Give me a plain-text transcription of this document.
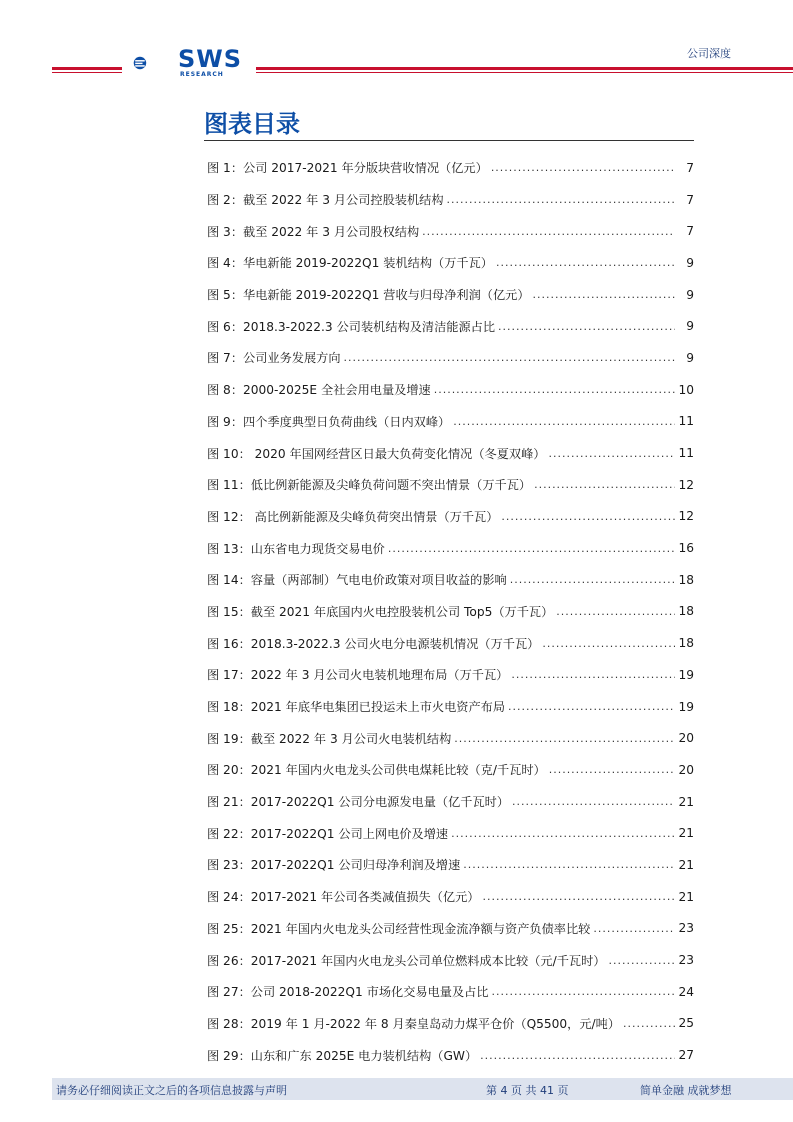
SWS
RESEARCH
公司深度
图表目录
图 1：公司 2017-2021 年分版块营收情况（亿元） .....	7
图 2：截至 2022 年 3 月公司控股装机结构 .....	7
图 3：截至 2022 年 3 月公司股权结构 .....	7
图 4：华电新能 2019-2022Q1 装机结构（万千瓦） .....	9
图 5：华电新能 2019-2022Q1 营收与归母净利润（亿元） .....	9
图 6：2018.3-2022.3 公司装机结构及清洁能源占比 .....	9
图 7：公司业务发展方向 .....	9
图 8：2000-2025E 全社会用电量及增速 .....	10
图 9：四个季度典型日负荷曲线（日内双峰） .....	11
图 10： 2020 年国网经营区日最大负荷变化情况（冬夏双峰） .....	11
图 11：低比例新能源及尖峰负荷问题不突出情景（万千瓦） .....	12
图 12： 高比例新能源及尖峰负荷突出情景（万千瓦） .....	12
图 13：山东省电力现货交易电价 .....	16
图 14：容量（两部制）气电电价政策对项目收益的影响 .....	18
图 15：截至 2021 年底国内火电控股装机公司 Top5（万千瓦） .....	18
图 16：2018.3-2022.3 公司火电分电源装机情况（万千瓦） .....	18
图 17：2022 年 3 月公司火电装机地理布局（万千瓦） .....	19
图 18：2021 年底华电集团已投运未上市火电资产布局 .....	19
图 19：截至 2022 年 3 月公司火电装机结构 .....	20
图 20：2021 年国内火电龙头公司供电煤耗比较（克/千瓦时） .....	20
图 21：2017-2022Q1 公司分电源发电量（亿千瓦时） .....	21
图 22：2017-2022Q1 公司上网电价及增速 .....	21
图 23：2017-2022Q1 公司归母净利润及增速 .....	21
图 24：2017-2021 年公司各类减值损失（亿元） .....	21
图 25：2021 年国内火电龙头公司经营性现金流净额与资产负债率比较 .....	23
图 26：2017-2021 年国内火电龙头公司单位燃料成本比较（元/千瓦时） .....	23
图 27：公司 2018-2022Q1 市场化交易电量及占比 .....	24
图 28：2019 年 1 月-2022 年 8 月秦皇岛动力煤平仓价（Q5500，元/吨） .....	25
图 29：山东和广东 2025E 电力装机结构（GW） .....	27
请务必仔细阅读正文之后的各项信息披露与声明	第 4 页 共 41 页	简单金融 成就梦想
